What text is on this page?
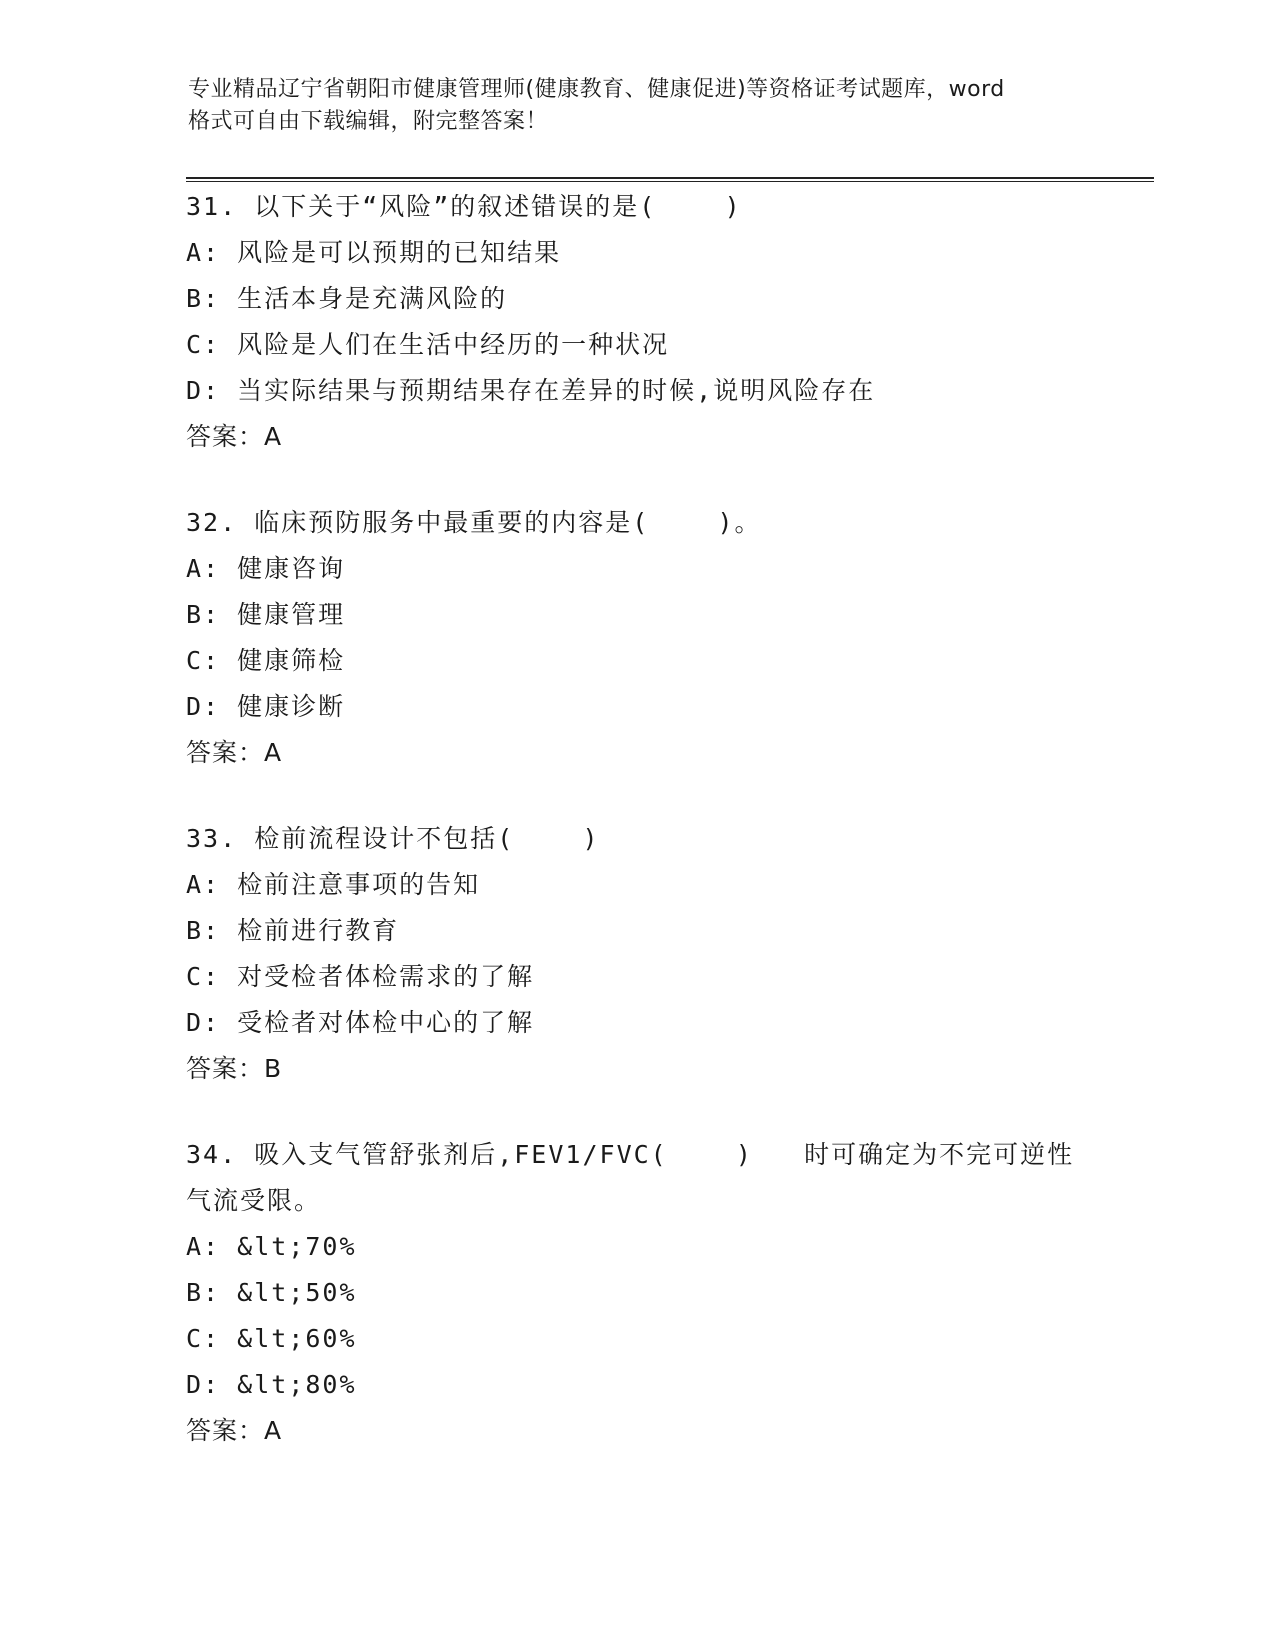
专业精品辽宁省朝阳市健康管理师(健康教育、健康促进)等资格证考试题库，word
格式可自由下载编辑，附完整答案！
31. 以下关于“风险”的叙述错误的是(    )
A: 风险是可以预期的已知结果
B: 生活本身是充满风险的
C: 风险是人们在生活中经历的一种状况
D: 当实际结果与预期结果存在差异的时候,说明风险存在
答案：A
32. 临床预防服务中最重要的内容是(    )。
A: 健康咨询
B: 健康管理
C: 健康筛检
D: 健康诊断
答案：A
33. 检前流程设计不包括(    )
A: 检前注意事项的告知
B: 检前进行教育
C: 对受检者体检需求的了解
D: 受检者对体检中心的了解
答案：B
34. 吸入支气管舒张剂后,FEV1/FVC(    )   时可确定为不完可逆性
气流受限。
A: &lt;70%
B: &lt;50%
C: &lt;60%
D: &lt;80%
答案：A
